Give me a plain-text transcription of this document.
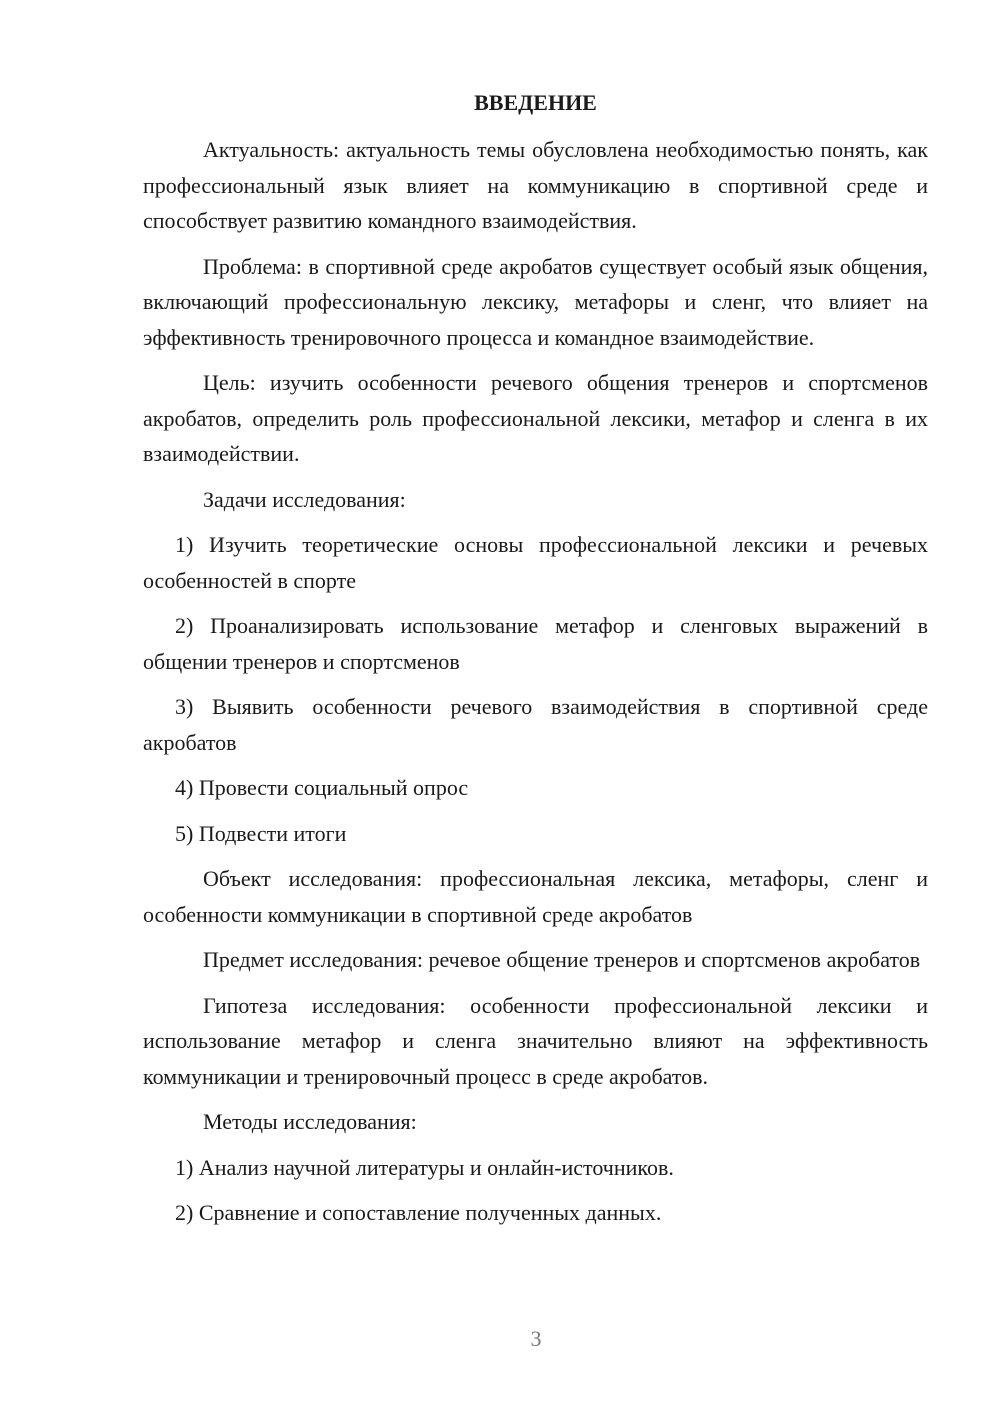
ВВЕДЕНИЕ

Актуальность: актуальность темы обусловлена необходимостью понять, как профессиональный язык влияет на коммуникацию в спортивной среде и способствует развитию командного взаимодействия.

Проблема: в спортивной среде акробатов существует особый язык общения, включающий профессиональную лексику, метафоры и сленг, что влияет на эффективность тренировочного процесса и командное взаимодействие.

Цель: изучить особенности речевого общения тренеров и спортсменов акробатов, определить роль профессиональной лексики, метафор и сленга в их взаимодействии.

Задачи исследования:

1) Изучить теоретические основы профессиональной лексики и речевых особенностей в спорте

2) Проанализировать использование метафор и сленговых выражений в общении тренеров и спортсменов

3) Выявить особенности речевого взаимодействия в спортивной среде акробатов

4) Провести социальный опрос

5) Подвести итоги

Объект исследования: профессиональная лексика, метафоры, сленг и особенности коммуникации в спортивной среде акробатов

Предмет исследования: речевое общение тренеров и спортсменов акробатов

Гипотеза исследования: особенности профессиональной лексики и использование метафор и сленга значительно влияют на эффективность коммуникации и тренировочный процесс в среде акробатов.

Методы исследования:

1) Анализ научной литературы и онлайн-источников.

2) Сравнение и сопоставление полученных данных.

3
